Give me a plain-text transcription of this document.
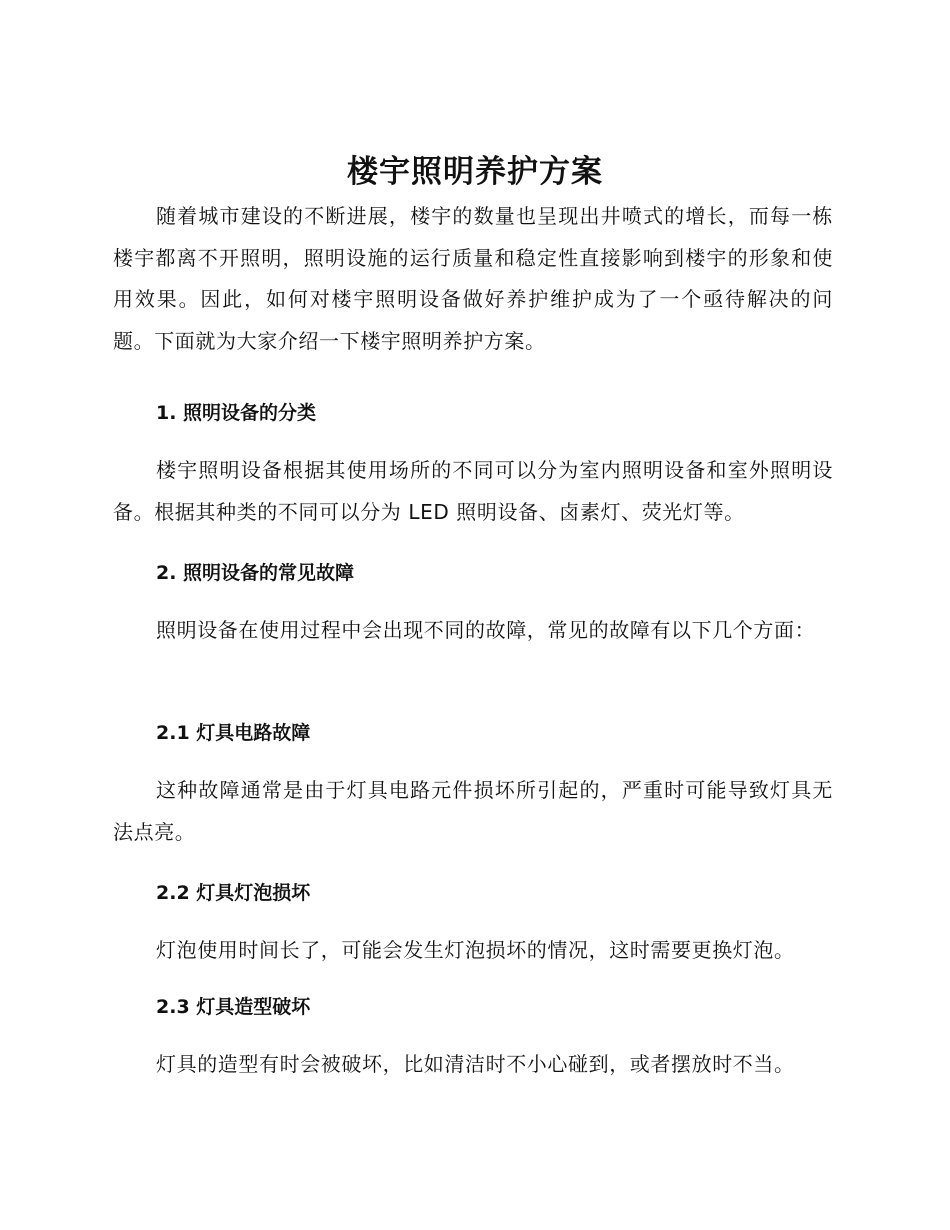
楼宇照明养护方案

随着城市建设的不断进展，楼宇的数量也呈现出井喷式的增长，而每一栋楼宇都离不开照明，照明设施的运行质量和稳定性直接影响到楼宇的形象和使用效果。因此，如何对楼宇照明设备做好养护维护成为了一个亟待解决的问题。下面就为大家介绍一下楼宇照明养护方案。

1. 照明设备的分类

楼宇照明设备根据其使用场所的不同可以分为室内照明设备和室外照明设备。根据其种类的不同可以分为 LED 照明设备、卤素灯、荧光灯等。

2. 照明设备的常见故障

照明设备在使用过程中会出现不同的故障，常见的故障有以下几个方面：

2.1 灯具电路故障

这种故障通常是由于灯具电路元件损坏所引起的，严重时可能导致灯具无法点亮。

2.2 灯具灯泡损坏

灯泡使用时间长了，可能会发生灯泡损坏的情况，这时需要更换灯泡。

2.3 灯具造型破坏

灯具的造型有时会被破坏，比如清洁时不小心碰到，或者摆放时不当。
